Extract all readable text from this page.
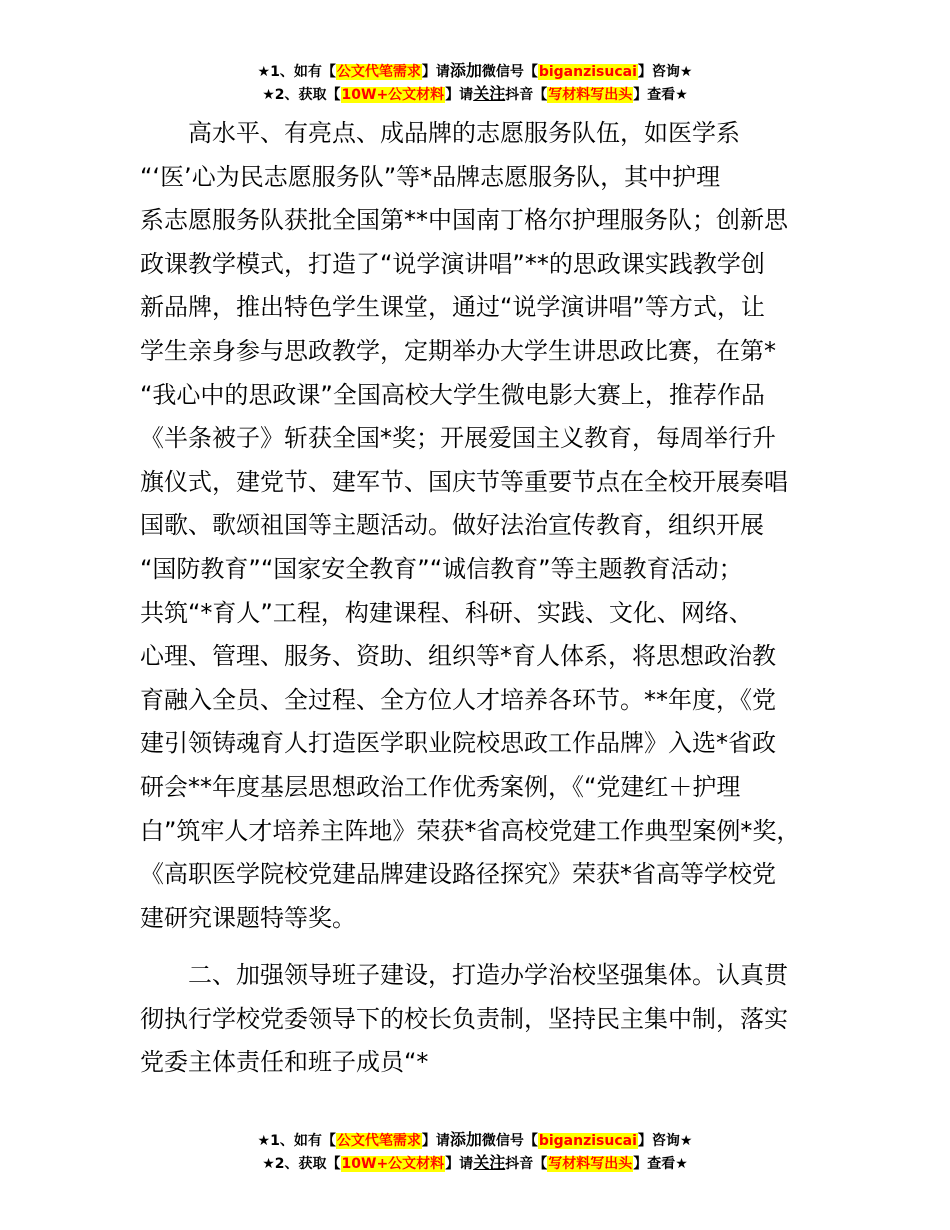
★1、如有【公文代笔需求】请添加微信号【biganzisucai】咨询★
★2、获取【10W+公文材料】请关注抖音【写材料写出头】查看★

高水平、有亮点、成品牌的志愿服务队伍，如医学系
“‘医’心为民志愿服务队”等*品牌志愿服务队，其中护理
系志愿服务队获批全国第**中国南丁格尔护理服务队；创新思
政课教学模式，打造了“说学演讲唱”**的思政课实践教学创
新品牌，推出特色学生课堂，通过“说学演讲唱”等方式，让
学生亲身参与思政教学，定期举办大学生讲思政比赛，在第*
“我心中的思政课”全国高校大学生微电影大赛上，推荐作品
《半条被子》斩获全国*奖；开展爱国主义教育，每周举行升
旗仪式，建党节、建军节、国庆节等重要节点在全校开展奏唱
国歌、歌颂祖国等主题活动。做好法治宣传教育，组织开展
“国防教育”“国家安全教育”“诚信教育”等主题教育活动；
共筑“*育人”工程，构建课程、科研、实践、文化、网络、
心理、管理、服务、资助、组织等*育人体系，将思想政治教
育融入全员、全过程、全方位人才培养各环节。**年度，《党
建引领铸魂育人打造医学职业院校思政工作品牌》入选*省政
研会**年度基层思想政治工作优秀案例，《“党建红＋护理
白”筑牢人才培养主阵地》荣获*省高校党建工作典型案例*奖，
《高职医学院校党建品牌建设路径探究》荣获*省高等学校党
建研究课题特等奖。

二、加强领导班子建设，打造办学治校坚强集体。认真贯
彻执行学校党委领导下的校长负责制，坚持民主集中制，落实
党委主体责任和班子成员“*

★1、如有【公文代笔需求】请添加微信号【biganzisucai】咨询★
★2、获取【10W+公文材料】请关注抖音【写材料写出头】查看★
